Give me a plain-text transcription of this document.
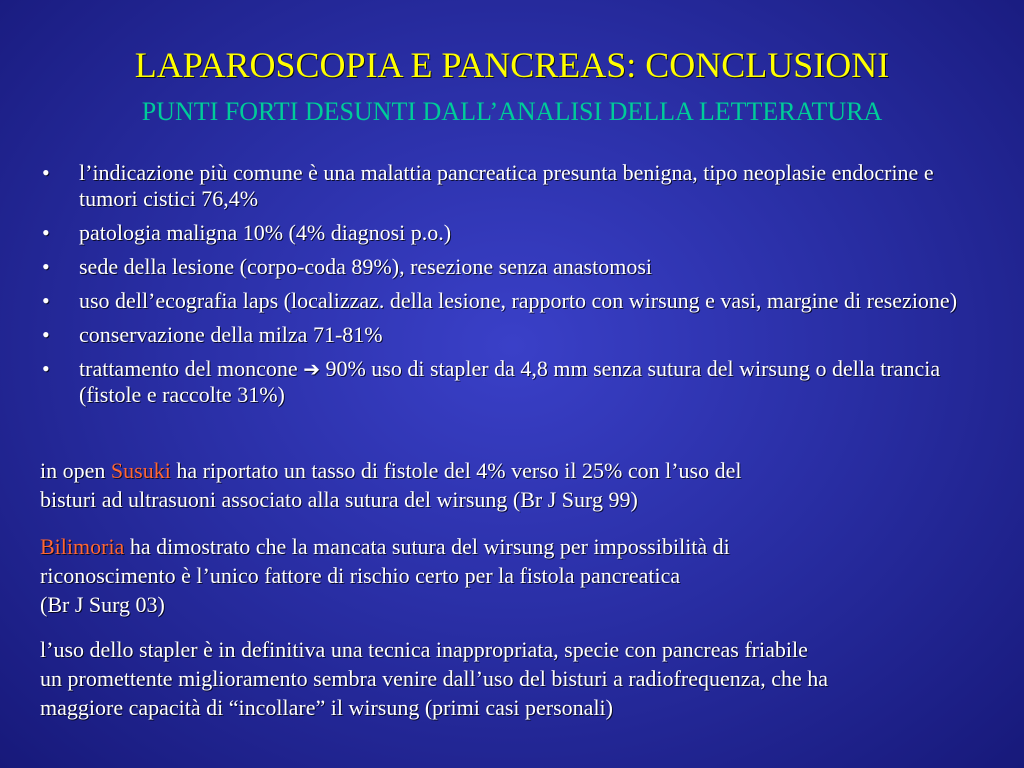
LAPAROSCOPIA E PANCREAS: CONCLUSIONI
PUNTI FORTI DESUNTI DALL’ANALISI DELLA LETTERATURA
• l’indicazione più comune è una malattia pancreatica presunta benigna, tipo neoplasie endocrine e tumori cistici 76,4%
• patologia maligna 10% (4% diagnosi p.o.)
• sede della lesione (corpo-coda 89%), resezione senza anastomosi
• uso dell’ecografia laps (localizzaz. della lesione, rapporto con wirsung e vasi, margine di resezione)
• conservazione della milza 71-81%
• trattamento del moncone ➔ 90% uso di stapler da 4,8 mm senza sutura del wirsung o della trancia (fistole e raccolte 31%)

in open Susuki ha riportato un tasso di fistole del 4% verso il 25% con l’uso del
bisturi ad ultrasuoni associato alla sutura del wirsung (Br J Surg 99)

Bilimoria ha dimostrato che la mancata sutura del wirsung per impossibilità di
riconoscimento è l’unico fattore di rischio certo per la fistola pancreatica
(Br J Surg 03)

l’uso dello stapler è in definitiva una tecnica inappropriata, specie con pancreas friabile
un promettente miglioramento sembra venire dall’uso del bisturi a radiofrequenza, che ha
maggiore capacità di “incollare” il wirsung (primi casi personali)
